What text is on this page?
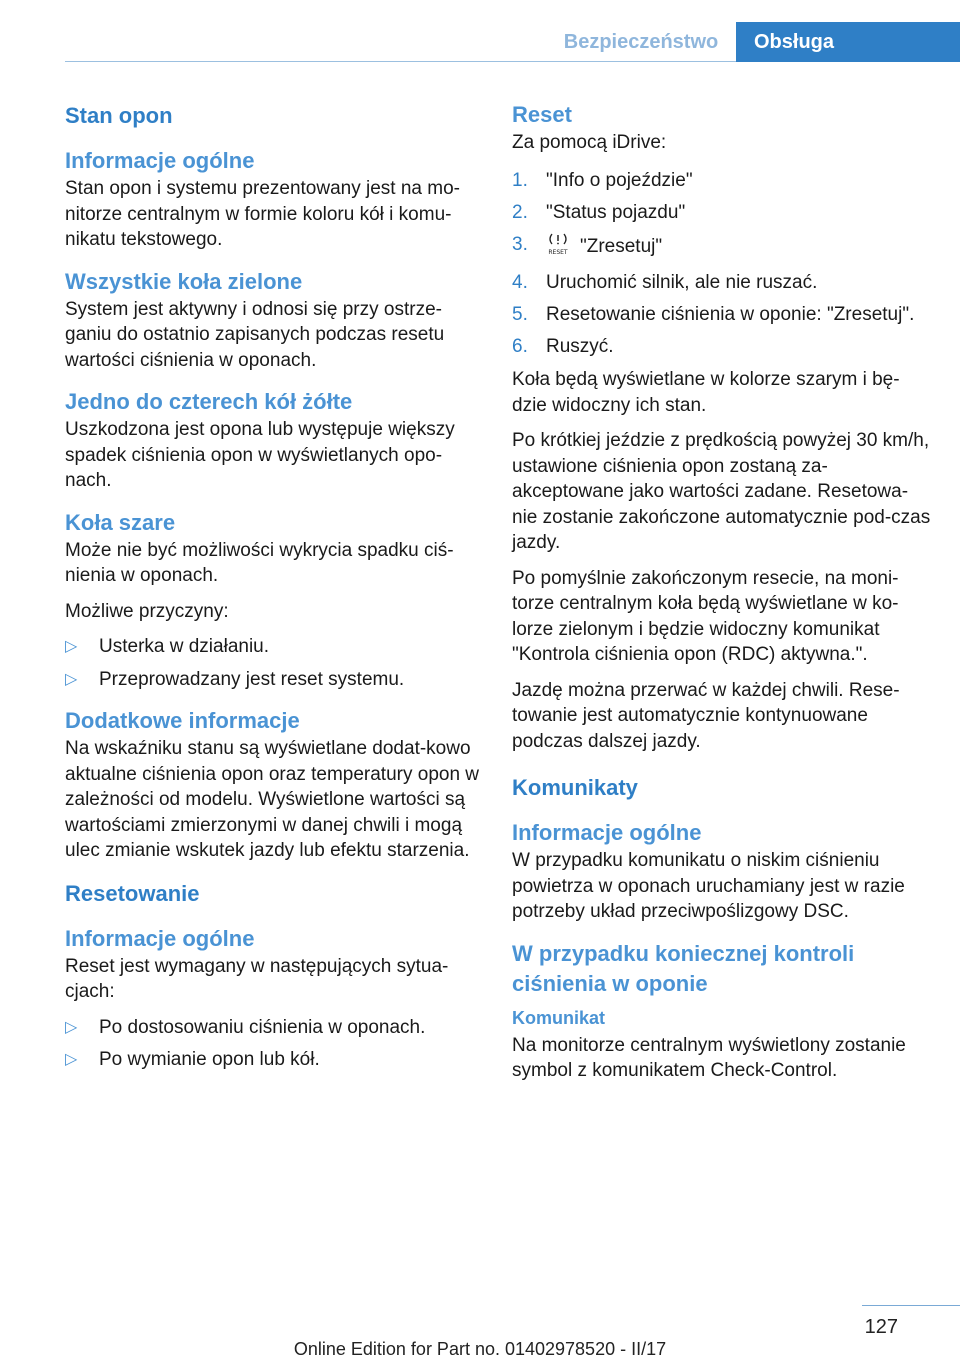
Bezpieczeństwo	Obsługa
Stan opon
Informacje ogólne

Stan opon i systemu prezentowany jest na mo-nitorze centralnym w formie koloru kół i komu-nikatu tekstowego.

Wszystkie koła zielone

System jest aktywny i odnosi się przy ostrze-ganiu do ostatnio zapisanych podczas resetu wartości ciśnienia w oponach.

Jedno do czterech kół żółte

Uszkodzona jest opona lub występuje większy spadek ciśnienia opon w wyświetlanych opo-nach.

Koła szare

Może nie być możliwości wykrycia spadku ciś-nienia w oponach.

Możliwe przyczyny:

▷ Usterka w działaniu.
▷ Przeprowadzany jest reset systemu.
Dodatkowe informacje

Na wskaźniku stanu są wyświetlane dodat-kowo aktualne ciśnienia opon oraz temperatury opon w zależności od modelu. Wyświetlone wartości są wartościami zmierzonymi w danej chwili i mogą ulec zmianie wskutek jazdy lub efektu starzenia.

Resetowanie
Informacje ogólne

Reset jest wymagany w następujących sytua-cjach:

▷ Po dostosowaniu ciśnienia w oponach.
▷ Po wymianie opon lub kół.
Reset

Za pomocą iDrive:

1. "Info o pojeździe"
2. "Status pojazdu"
3.	RESET "Zresetuj"
4. Uruchomić silnik, ale nie ruszać.
5. Resetowanie ciśnienia w oponie: "Zresetuj".
6. Ruszyć.

Koła będą wyświetlane w kolorze szarym i bę-dzie widoczny ich stan.

Po krótkiej jeździe z prędkością powyżej 30 km/h, ustawione ciśnienia opon zostaną za-akceptowane jako wartości zadane. Resetowa-nie zostanie zakończone automatycznie pod-czas jazdy.

Po pomyślnie zakończonym resecie, na moni-torze centralnym koła będą wyświetlane w ko-lorze zielonym i będzie widoczny komunikat "Kontrola ciśnienia opon (RDC) aktywna.".

Jazdę można przerwać w każdej chwili. Rese-towanie jest automatycznie kontynuowane podczas dalszej jazdy.

Komunikaty
Informacje ogólne

W przypadku komunikatu o niskim ciśnieniu powietrza w oponach uruchamiany jest w razie potrzeby układ przeciwpoślizgowy DSC.

W przypadku koniecznej kontroli ciśnienia w oponie
Komunikat

Na monitorze centralnym wyświetlony zostanie symbol z komunikatem Check-Control.

127
Online Edition for Part no. 01402978520 - II/17
